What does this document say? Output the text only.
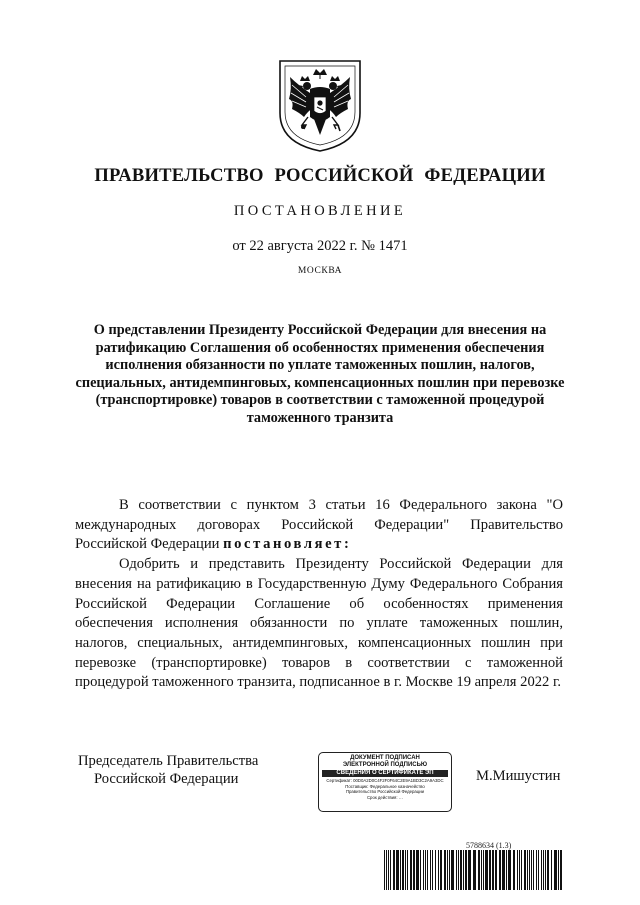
ПРАВИТЕЛЬСТВО РОССИЙСКОЙ ФЕДЕРАЦИИ
ПОСТАНОВЛЕНИЕ
от 22 августа 2022 г. № 1471
МОСКВА
О представлении Президенту Российской Федерации для внесения на ратификацию Соглашения об особенностях применения обеспечения исполнения обязанности по уплате таможенных пошлин, налогов, специальных, антидемпинговых, компенсационных пошлин при перевозке (транспортировке) товаров в соответствии с таможенной процедурой таможенного транзита

В соответствии с пунктом 3 статьи 16 Федерального закона "О международных договорах Российской Федерации" Правительство Российской Федерации постановляет:

Одобрить и представить Президенту Российской Федерации для внесения на ратификацию в Государственную Думу Федерального Собрания Российской Федерации Соглашение об особенностях применения обеспечения исполнения обязанности по уплате таможенных пошлин, налогов, специальных, антидемпинговых, компенсационных пошлин при перевозке (транспортировке) товаров в соответствии с таможенной процедурой таможенного транзита, подписанное в г. Москве 19 апреля 2022 г.

Председатель Правительства
Российской Федерации
ДОКУМЕНТ ПОДПИСАН
ЭЛЕКТРОННОЙ ПОДПИСЬЮ
СВЕДЕНИЯ О СЕРТИФИКАТЕ ЭП
Сертификат: 00D0A2D0C4F2F0F64C2E9A1BD3C2A9A3DC
Поставщик: Федеральное казначейство
Правительство Российской Федерации
Срок действия: …
М.Мишустин
5788634 (1.3)
